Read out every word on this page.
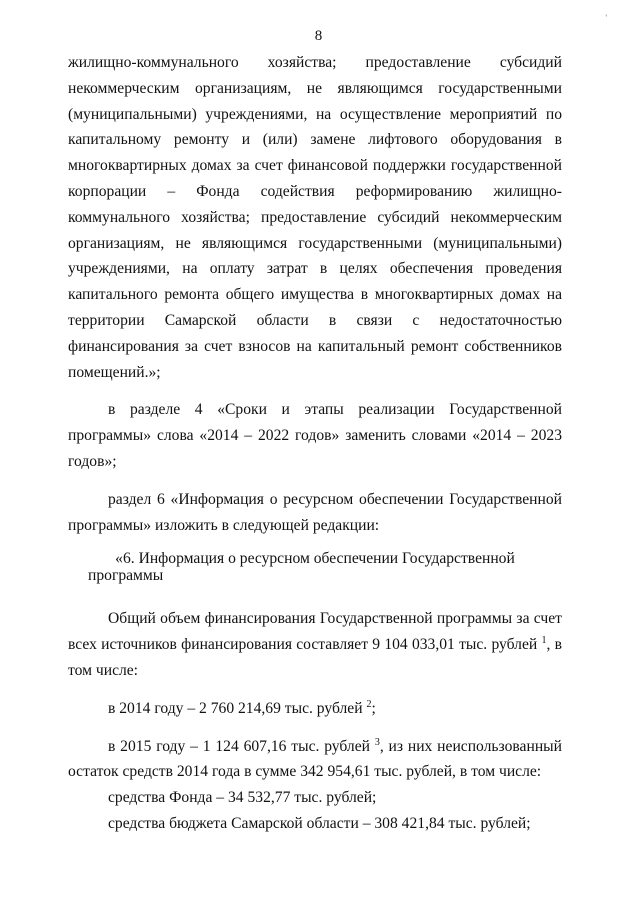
'
8

жилищно-коммунального хозяйства; предоставление субсидий некоммерческим организациям, не являющимся государственными (муниципальными) учреждениями, на осуществление мероприятий по капитальному ремонту и (или) замене лифтового оборудования в многоквартирных домах за счет финансовой поддержки государственной корпорации – Фонда содействия реформированию жилищно-коммунального хозяйства; предоставление субсидий некоммерческим организациям, не являющимся государственными (муниципальными) учреждениями, на оплату затрат в целях обеспечения проведения капитального ремонта общего имущества в многоквартирных домах на территории Самарской области в связи с недостаточностью финансирования за счет взносов на капитальный ремонт собственников помещений.»;

в разделе 4 «Сроки и этапы реализации Государственной программы» слова «2014 – 2022 годов» заменить словами «2014 – 2023 годов»;

раздел 6 «Информация о ресурсном обеспечении Государственной программы» изложить в следующей редакции:

«6. Информация о ресурсном обеспечении Государственной программы

Общий объем финансирования Государственной программы за счет всех источников финансирования составляет 9 104 033,01 тыс. рублей $^1$, в том числе:

в 2014 году – 2 760 214,69 тыс. рублей $^2$;

в 2015 году – 1 124 607,16 тыс. рублей $^3$, из них неиспользованный остаток средств 2014 года в сумме 342 954,61 тыс. рублей, в том числе:

средства Фонда – 34 532,77 тыс. рублей;

средства бюджета Самарской области – 308 421,84 тыс. рублей;
